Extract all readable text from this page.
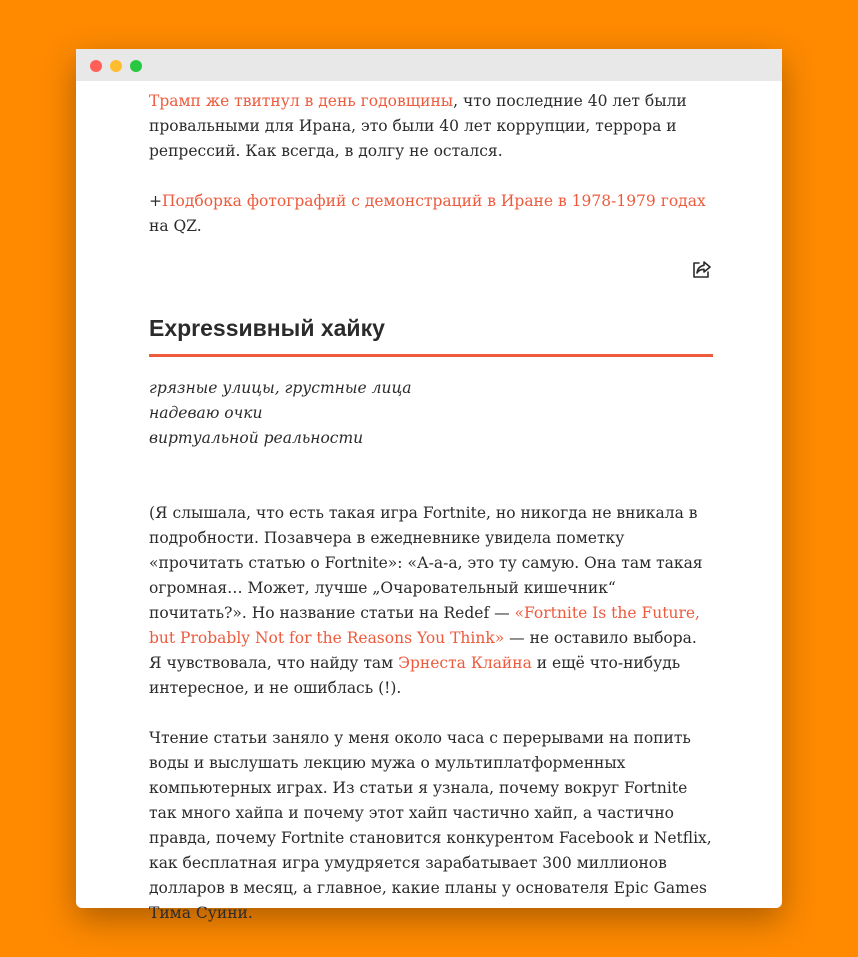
Трамп же твитнул в день годовщины, что последние 40 лет были провальными для Ирана, это были 40 лет коррупции, террора и репрессий. Как всегда, в долгу не остался.

+Подборка фотографий с демонстраций в Иране в 1978-1979 годах на QZ.

Expressивный хайку
грязные улицы, грустные лица
надеваю очки
виртуальной реальности

(Я слышала, что есть такая игра Fortnite, но никогда не вникала в подробности. Позавчера в ежедневнике увидела пометку «прочитать статью о Fortnite»: «А-а-а, это ту самую. Она там такая огромная… Может, лучше „Очаровательный кишечник“ почитать?». Но название статьи на Redef — «Fortnite Is the Future, but Probably Not for the Reasons You Think» — не оставило выбора. Я чувствовала, что найду там Эрнеста Клайна и ещё что-нибудь интересное, и не ошиблась (!).

Чтение статьи заняло у меня около часа с перерывами на попить воды и выслушать лекцию мужа о мультиплатформенных компьютерных играх. Из статьи я узнала, почему вокруг Fortnite так много хайпа и почему этот хайп частично хайп, а частично правда, почему Fortnite становится конкурентом Facebook и Netflix, как бесплатная игра умудряется зарабатывает 300 миллионов долларов в месяц, а главное, какие планы у основателя Epic Games Тима Суини.
